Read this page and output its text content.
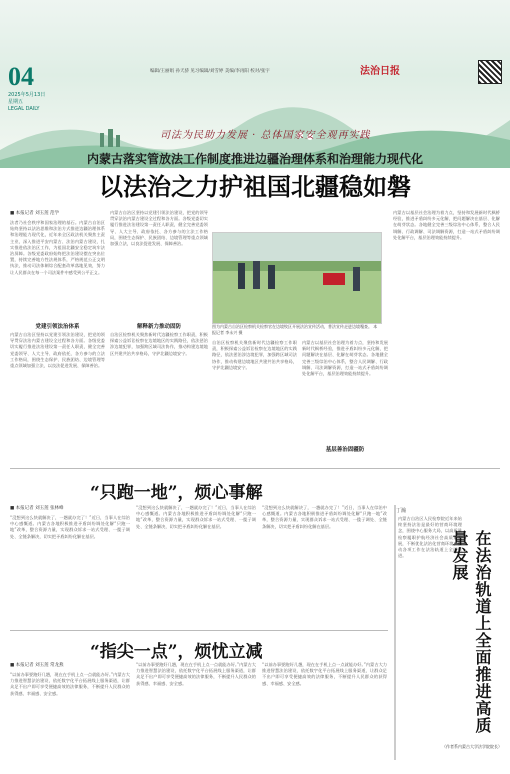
04
2025年5月13日
星期五
LEGAL DAILY
编辑/王丽娟 孙天骄 见习编辑/刘雪婷 美编/李再阳 校对/张宇	法治日报
司法为民助力发展 · 总体国家安全观再实践
内蒙古落实管放法工作制度推进边疆治理体系和治理能力现代化
以法治之力护祖国北疆稳如磐
■ 本报记者 刘玉莲 范学
法者乃社会秩序和国家治理的基石。内蒙古自治区始终坚持以法治思维和法治方式推进边疆治理体系和治理能力现代化，近年来全区政法机关聚焦主责主业，深入推进平安内蒙古、法治内蒙古建设，扎实推进依法治区工作，为祖国北疆安全稳定筑牢法治屏障。各级党委政府始终把法治建设摆在突出位置，持续完善地方性法规体系，严格规范公正文明执法，推动司法体制综合配套改革落地见效，努力让人民群众在每一个司法案件中感受到公平正义。
党建引领法治体系
内蒙古自治区坚持以党建引领法治建设，把党的领导贯穿法治内蒙古建设全过程和各方面。各级党委切实履行推进法治建设第一责任人职责，健全完善党委领导、人大主导、政府依托、各方参与的立法工作格局，围绕生态保护、民族团结、边境管理等重点领域加强立法，以良法促进发展、保障善治。
内蒙古自治区坚持以党建引领法治建设，把党的领导贯穿法治内蒙古建设全过程和各方面。各级党委切实履行推进法治建设第一责任人职责，健全完善党委领导、人大主导、政府依托、各方参与的立法工作格局，围绕生态保护、民族团结、边境管理等重点领域加强立法，以良法促进发展、保障善治。
解释新力推动固防
自治区检察机关聚焦新时代边疆检察工作职责，积极探索公益诉讼检察在边境地区的实践路径，依法惩治涉边境犯罪，加强跨区域司法协作，推动构建边境地区共建共治共享格局，守护北疆边境安宁。
图为内蒙古自治区检察机关检察官在边境牧区开展法治宣传活动，普法宣传走进边境嘎查。 本报记者 李永兴 摄
自治区检察机关聚焦新时代边疆检察工作职责，积极探索公益诉讼检察在边境地区的实践路径，依法惩治涉边境犯罪，加强跨区域司法协作，推动构建边境地区共建共治共享格局，守护北疆边境安宁。
内蒙古以基层社会治理为着力点，坚持和发展新时代枫桥经验，推进矛盾纠纷多元化解，把问题解决在基层、化解在萌芽状态。各地健全完善三级综治中心体系，整合人民调解、行政调解、司法调解资源，打造一站式矛盾纠纷调处化解平台，基层治理效能持续提升。
基层善治固疆防
内蒙古以基层社会治理为着力点，坚持和发展新时代枫桥经验，推进矛盾纠纷多元化解，把问题解决在基层、化解在萌芽状态。各地健全完善三级综治中心体系，整合人民调解、行政调解、司法调解资源，打造一站式矛盾纠纷调处化解平台，基层治理效能持续提升。
“只跑一地”，烦心事解
■ 本报记者 刘玉莲 张林峰
“没想到这么快就解决了，一趟就办完了！”近日，当事人在综治中心感慨道。内蒙古各地积极推进矛盾纠纷调处化解“只跑一地”改革，整合资源力量，实现群众诉求一站式受理、一揽子调处、全链条解决，切实把矛盾纠纷化解在基层。
“没想到这么快就解决了，一趟就办完了！”近日，当事人在综治中心感慨道。内蒙古各地积极推进矛盾纠纷调处化解“只跑一地”改革，整合资源力量，实现群众诉求一站式受理、一揽子调处、全链条解决，切实把矛盾纠纷化解在基层。
“没想到这么快就解决了，一趟就办完了！”近日，当事人在综治中心感慨道。内蒙古各地积极推进矛盾纠纷调处化解“只跑一地”改革，整合资源力量，实现群众诉求一站式受理、一揽子调处、全链条解决，切实把矛盾纠纷化解在基层。
“指尖一点”，烦忧立减
■ 本报记者 刘玉莲 常龙燕
“以前办事要跑好几趟，现在在手机上点一点就能办好。”内蒙古大力推进智慧法治建设，依托数字化平台拓展线上服务渠道，让群众足不出户即可享受便捷高效的法律服务，不断提升人民群众的获得感、幸福感、安全感。
“以前办事要跑好几趟，现在在手机上点一点就能办好。”内蒙古大力推进智慧法治建设，依托数字化平台拓展线上服务渠道，让群众足不出户即可享受便捷高效的法律服务，不断提升人民群众的获得感、幸福感、安全感。
“以前办事要跑好几趟，现在在手机上点一点就能办好。”内蒙古大力推进智慧法治建设，依托数字化平台拓展线上服务渠道，让群众足不出户即可享受便捷高效的法律服务，不断提升人民群众的获得感、幸福感、安全感。
丁瀚
内蒙古自治区人民检察院近年来始终坚持法治是最好的营商环境理念，围绕中心服务大局，以高质量检察履职护航经济社会高质量发展，不断优化法治化营商环境，推动各项工作在法治轨道上全面推进。	在法治轨道上全面推进高质量发展
（作者系内蒙古大学法学院院长）
